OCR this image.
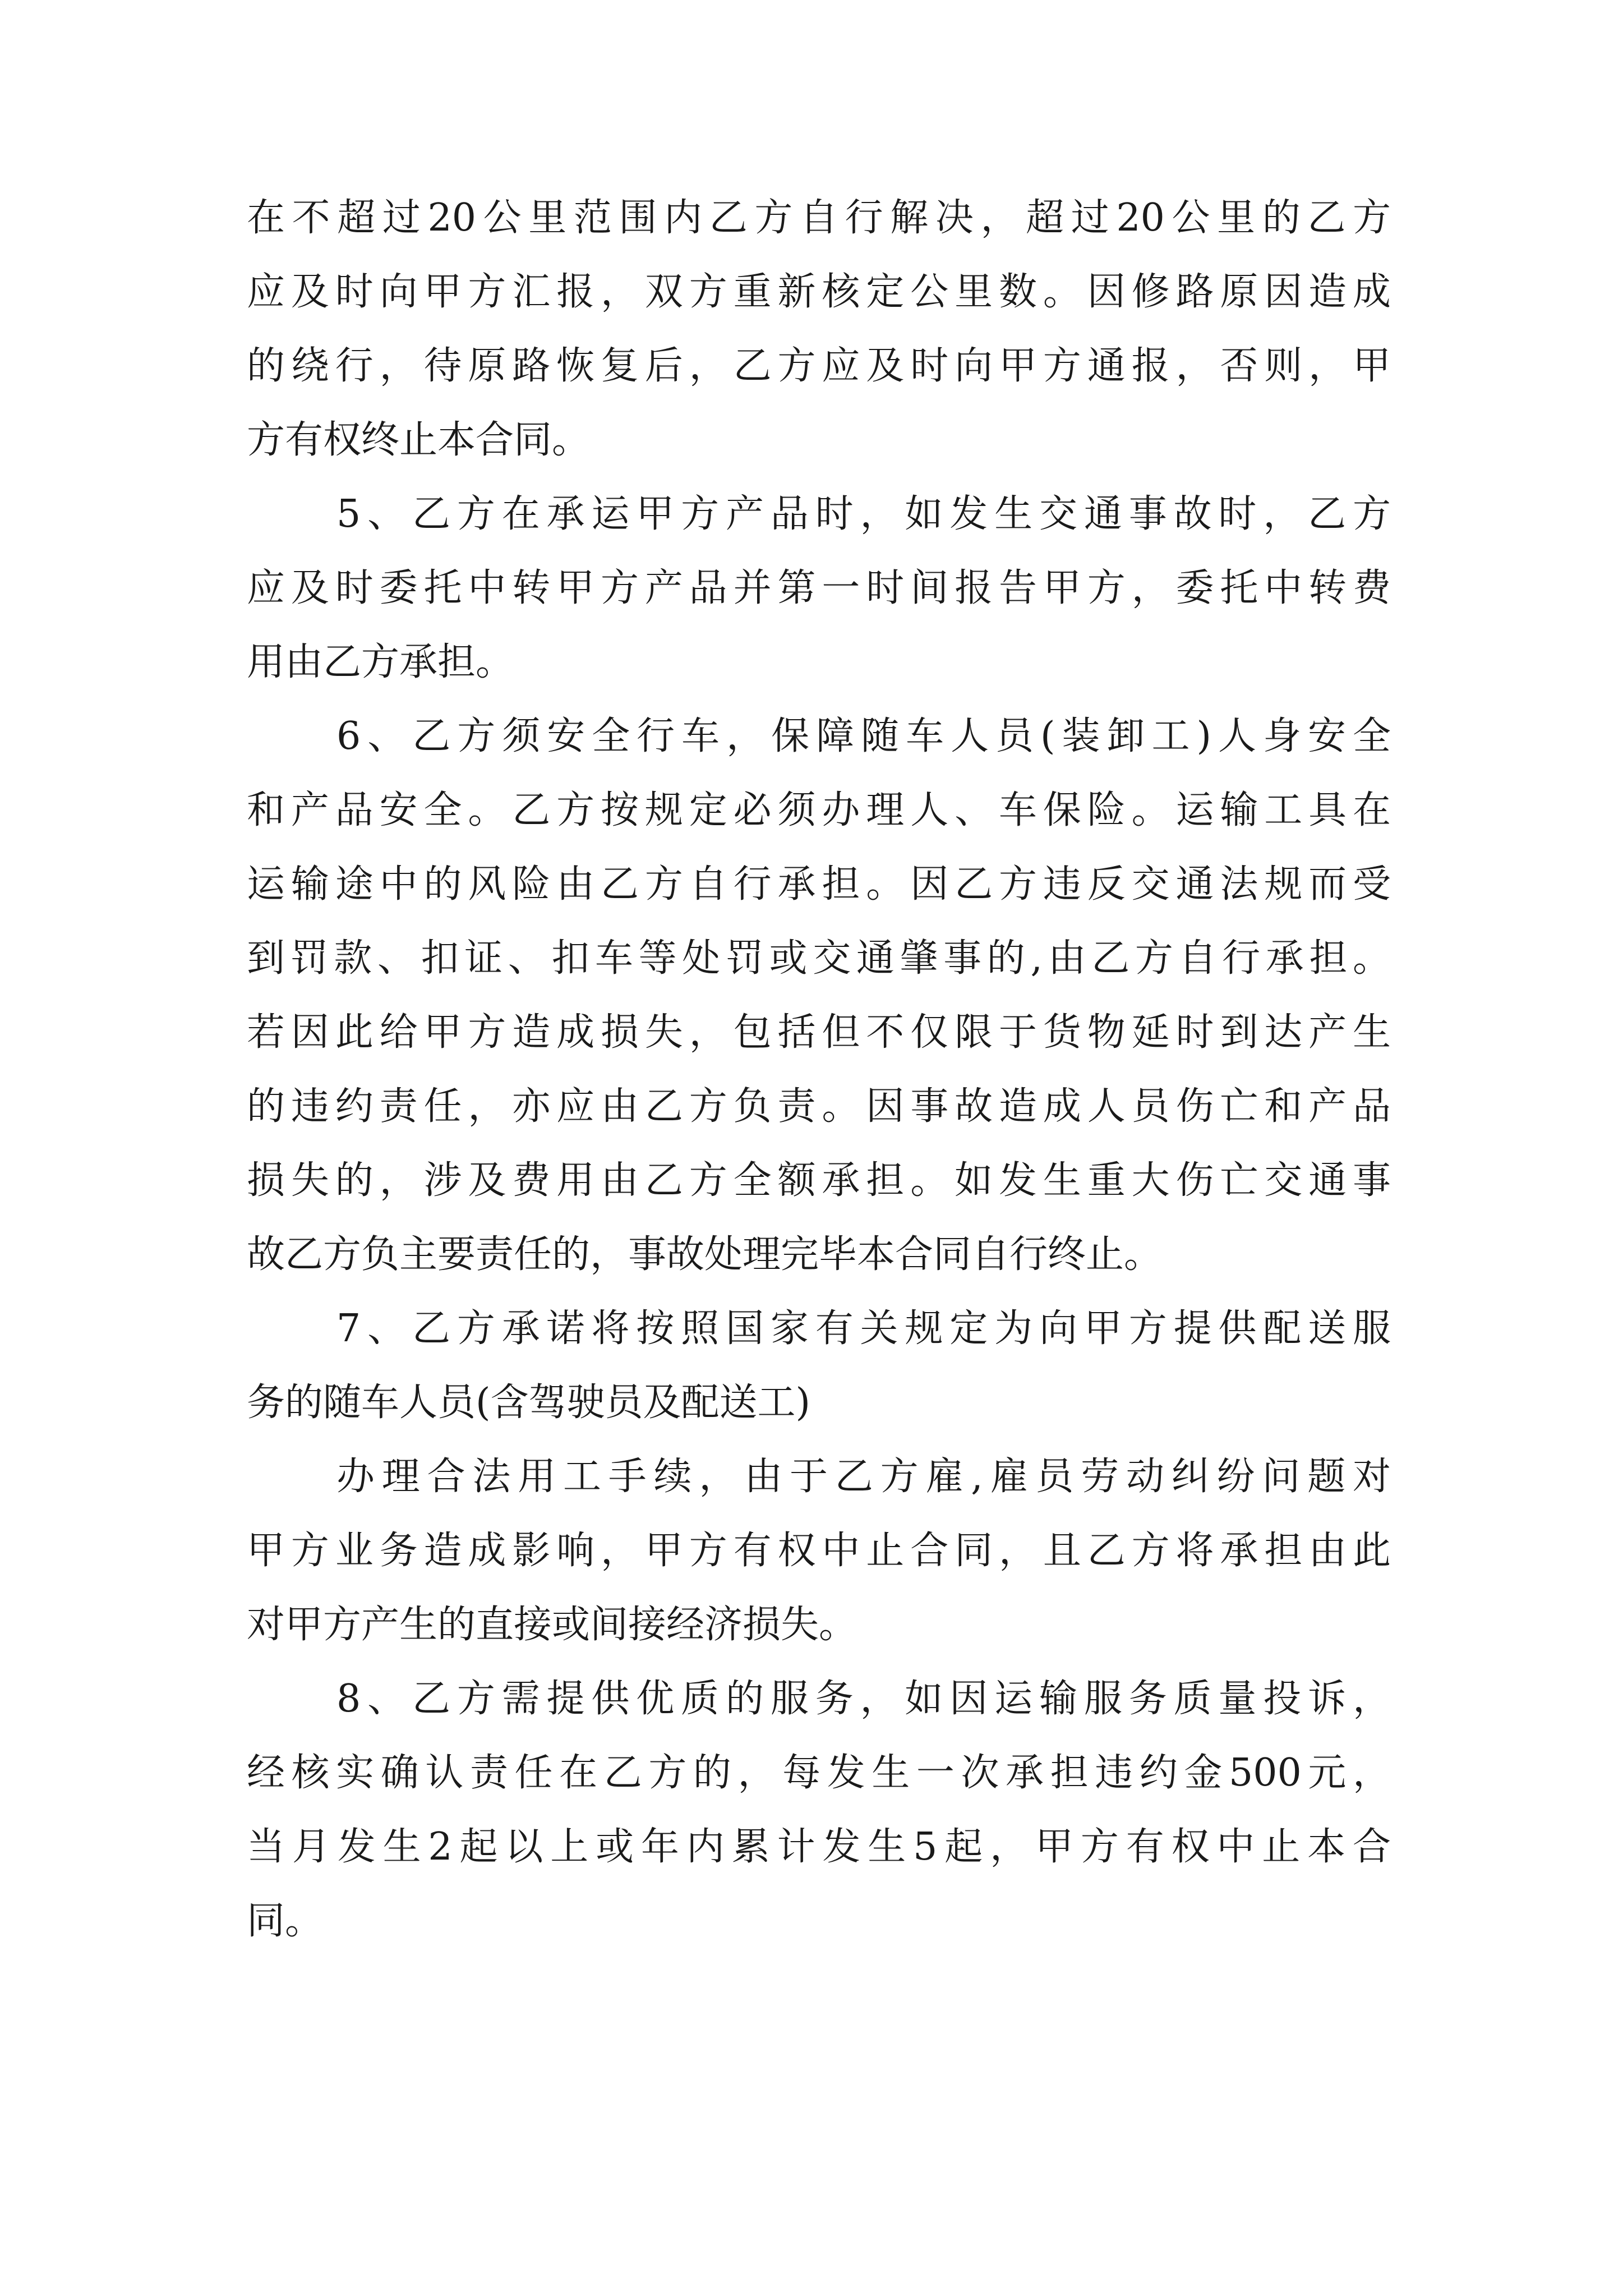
在不超过20公里范围内乙方自行解决，超过20公里的乙方
应及时向甲方汇报，双方重新核定公里数。因修路原因造成
的绕行，待原路恢复后，乙方应及时向甲方通报，否则，甲
方有权终止本合同。
5、乙方在承运甲方产品时，如发生交通事故时，乙方
应及时委托中转甲方产品并第一时间报告甲方，委托中转费
用由乙方承担。
6、乙方须安全行车，保障随车人员(装卸工)人身安全
和产品安全。乙方按规定必须办理人、车保险。运输工具在
运输途中的风险由乙方自行承担。因乙方违反交通法规而受
到罚款、扣证、扣车等处罚或交通肇事的,由乙方自行承担。
若因此给甲方造成损失，包括但不仅限于货物延时到达产生
的违约责任，亦应由乙方负责。因事故造成人员伤亡和产品
损失的，涉及费用由乙方全额承担。如发生重大伤亡交通事
故乙方负主要责任的，事故处理完毕本合同自行终止。
7、乙方承诺将按照国家有关规定为向甲方提供配送服
务的随车人员(含驾驶员及配送工)
办理合法用工手续，由于乙方雇,雇员劳动纠纷问题对
甲方业务造成影响，甲方有权中止合同，且乙方将承担由此
对甲方产生的直接或间接经济损失。
8、乙方需提供优质的服务，如因运输服务质量投诉，
经核实确认责任在乙方的，每发生一次承担违约金500元，
当月发生2起以上或年内累计发生5起，甲方有权中止本合
同。
